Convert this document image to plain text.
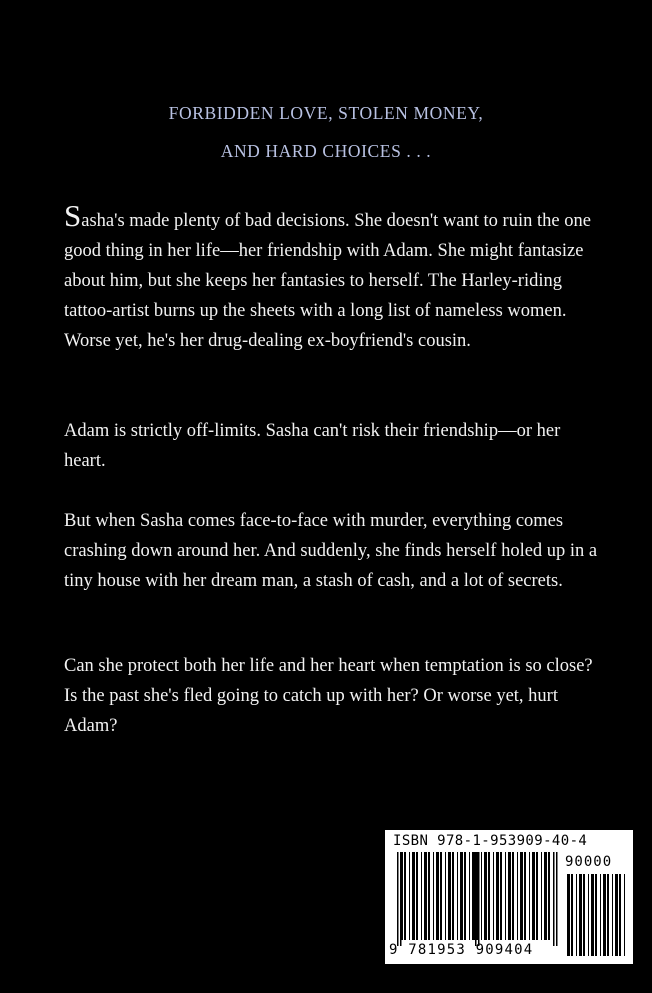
FORBIDDEN LOVE, STOLEN MONEY,
AND HARD CHOICES . . .

Sasha's made plenty of bad decisions. She doesn't want to ruin the one good thing in her life—her friendship with Adam. She might fantasize about him, but she keeps her fantasies to herself. The Harley-riding tattoo-artist burns up the sheets with a long list of nameless women. Worse yet, he's her drug-dealing ex-boyfriend's cousin.

Adam is strictly off-limits. Sasha can't risk their friendship—or her heart.

But when Sasha comes face-to-face with murder, everything comes crashing down around her. And suddenly, she finds herself holed up in a tiny house with her dream man, a stash of cash, and a lot of secrets.

Can she protect both her life and her heart when temptation is so close? Is the past she's fled going to catch up with her? Or worse yet, hurt Adam?

ISBN 978-1-953909-40-4
90000
9 781953 909404
